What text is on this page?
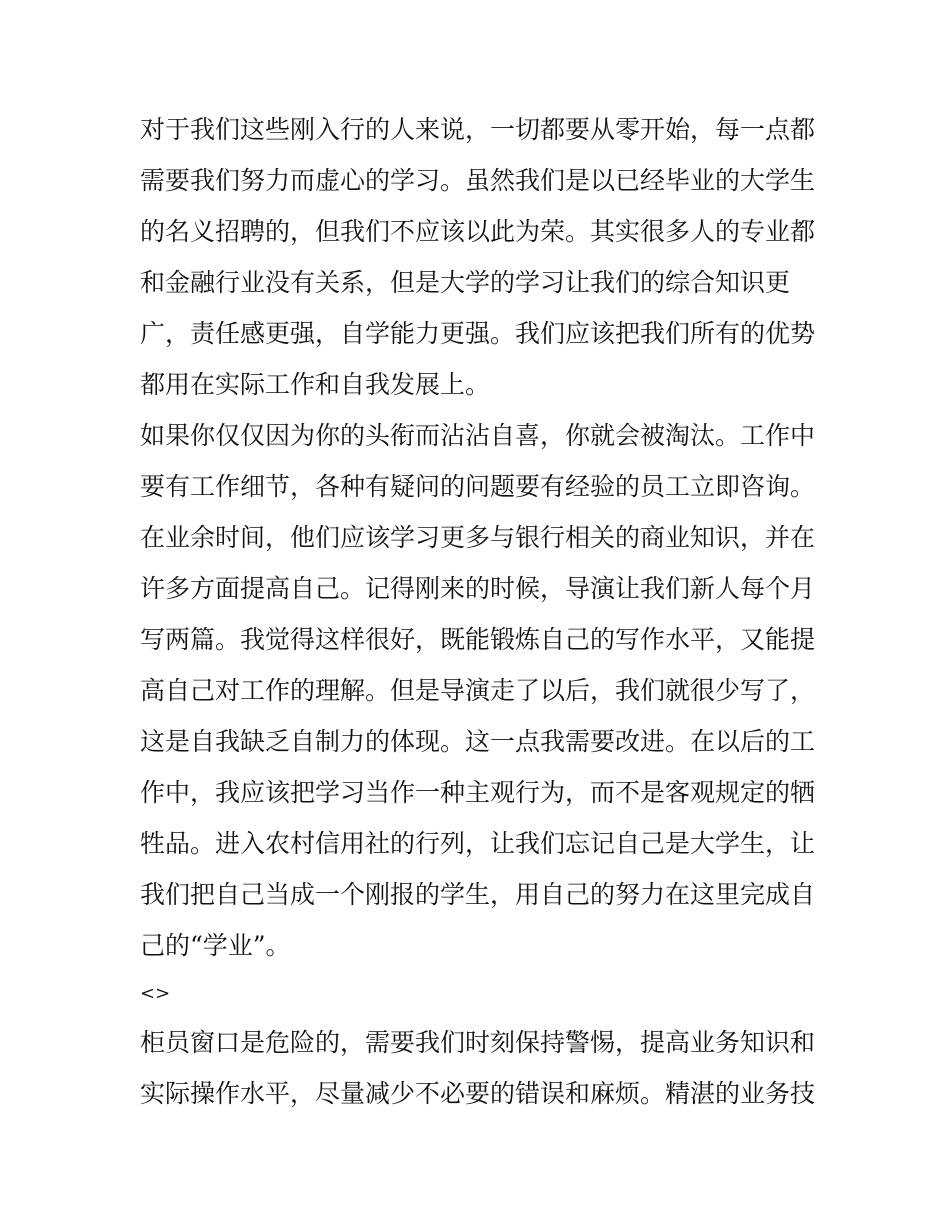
对于我们这些刚入行的人来说，一切都要从零开始，每一点都
需要我们努力而虚心的学习。虽然我们是以已经毕业的大学生
的名义招聘的，但我们不应该以此为荣。其实很多人的专业都
和金融行业没有关系，但是大学的学习让我们的综合知识更
广，责任感更强，自学能力更强。我们应该把我们所有的优势
都用在实际工作和自我发展上。
如果你仅仅因为你的头衔而沾沾自喜，你就会被淘汰。工作中
要有工作细节，各种有疑问的问题要有经验的员工立即咨询。
在业余时间，他们应该学习更多与银行相关的商业知识，并在
许多方面提高自己。记得刚来的时候，导演让我们新人每个月
写两篇。我觉得这样很好，既能锻炼自己的写作水平，又能提
高自己对工作的理解。但是导演走了以后，我们就很少写了，
这是自我缺乏自制力的体现。这一点我需要改进。在以后的工
作中，我应该把学习当作一种主观行为，而不是客观规定的牺
牲品。进入农村信用社的行列，让我们忘记自己是大学生，让
我们把自己当成一个刚报的学生，用自己的努力在这里完成自
己的“学业”。
<>
柜员窗口是危险的，需要我们时刻保持警惕，提高业务知识和
实际操作水平，尽量减少不必要的错误和麻烦。精湛的业务技
